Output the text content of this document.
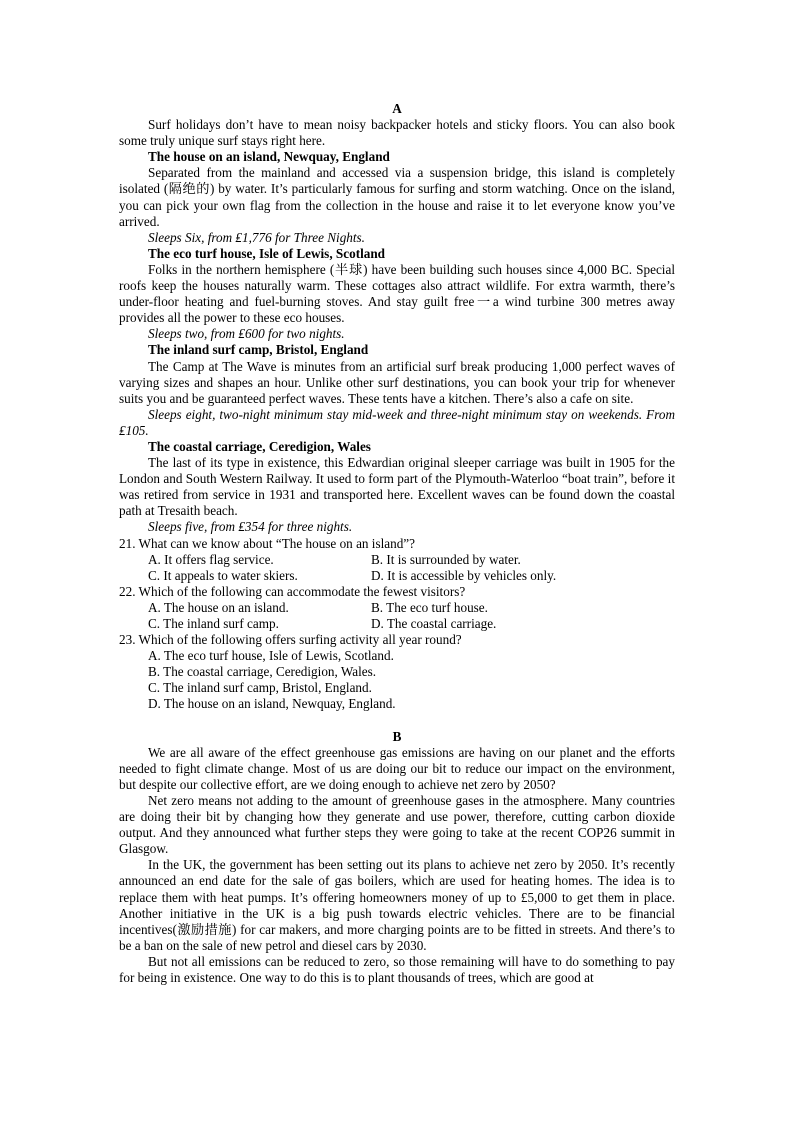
A

Surf holidays don’t have to mean noisy backpacker hotels and sticky floors. You can also book some truly unique surf stays right here.

The house on an island, Newquay, England

Separated from the mainland and accessed via a suspension bridge, this island is completely isolated (隔绝的) by water. It’s particularly famous for surfing and storm watching. Once on the island, you can pick your own flag from the collection in the house and raise it to let everyone know you’ve arrived.

Sleeps Six, from ₤1,776 for Three Nights.

The eco turf house, Isle of Lewis, Scotland

Folks in the northern hemisphere (半球) have been building such houses since 4,000 BC. Special roofs keep the houses naturally warm. These cottages also attract wildlife. For extra warmth, there’s under-floor heating and fuel-burning stoves. And stay guilt free一a wind turbine 300 metres away provides all the power to these eco houses.

Sleeps two, from ₤600 for two nights.

The inland surf camp, Bristol, England

The Camp at The Wave is minutes from an artificial surf break producing 1,000 perfect waves of varying sizes and shapes an hour. Unlike other surf destinations, you can book your trip for whenever suits you and be guaranteed perfect waves. These tents have a kitchen. There’s also a cafe on site.

Sleeps eight, two-night minimum stay mid-week and three-night minimum stay on weekends. From ₤105.

The coastal carriage, Ceredigion, Wales

The last of its type in existence, this Edwardian original sleeper carriage was built in 1905 for the London and South Western Railway. It used to form part of the Plymouth-Waterloo “boat train”, before it was retired from service in 1931 and transported here. Excellent waves can be found down the coastal path at Tresaith beach.

Sleeps five, from ₤354 for three nights.

21. What can we know about “The house on an island”?

A. It offers flag service.	B. It is surrounded by water.
C. It appeals to water skiers.	D. It is accessible by vehicles only.

22. Which of the following can accommodate the fewest visitors?

A. The house on an island.	B. The eco turf house.
C. The inland surf camp.	D. The coastal carriage.

23. Which of the following offers surfing activity all year round?

A. The eco turf house, Isle of Lewis, Scotland.

B. The coastal carriage, Ceredigion, Wales.

C. The inland surf camp, Bristol, England.

D. The house on an island, Newquay, England.

B

We are all aware of the effect greenhouse gas emissions are having on our planet and the efforts needed to fight climate change. Most of us are doing our bit to reduce our impact on the environment, but despite our collective effort, are we doing enough to achieve net zero by 2050?

Net zero means not adding to the amount of greenhouse gases in the atmosphere. Many countries are doing their bit by changing how they generate and use power, therefore, cutting carbon dioxide output. And they announced what further steps they were going to take at the recent COP26 summit in Glasgow.

In the UK, the government has been setting out its plans to achieve net zero by 2050. It’s recently announced an end date for the sale of gas boilers, which are used for heating homes. The idea is to replace them with heat pumps. It’s offering homeowners money of up to £5,000 to get them in place. Another initiative in the UK is a big push towards electric vehicles. There are to be financial incentives(激励措施) for car makers, and more charging points are to be fitted in streets. And there’s to be a ban on the sale of new petrol and diesel cars by 2030.

But not all emissions can be reduced to zero, so those remaining will have to do something to pay for being in existence. One way to do this is to plant thousands of trees, which are good at
